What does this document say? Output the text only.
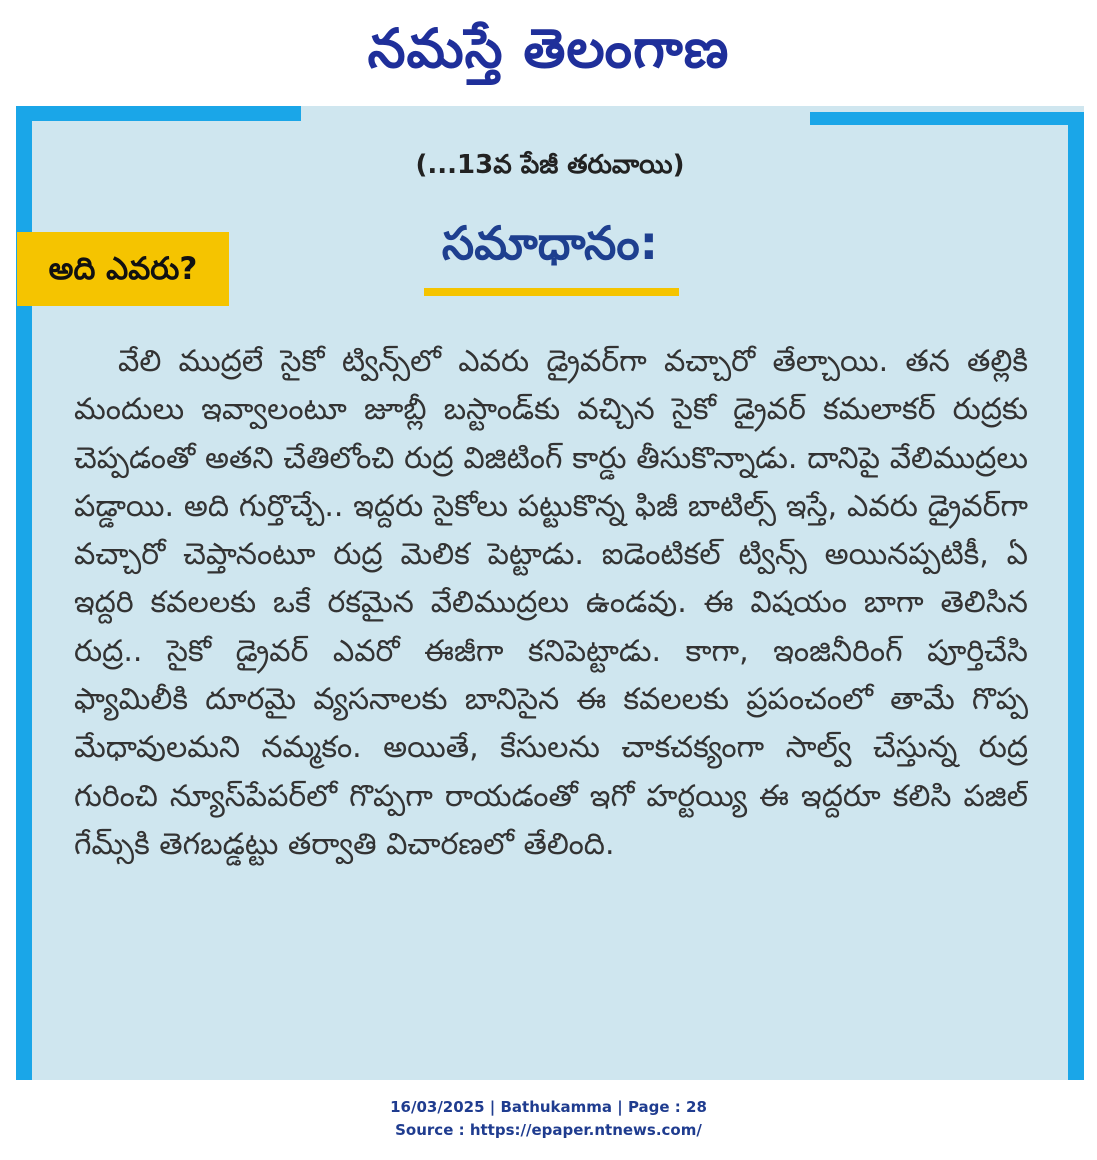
నమస్తే తెలంగాణ
(...13వ పేజీ తరువాయి)
అది ఎవరు?	సమాధానం:

వేలి ముద్రలే సైకో ట్విన్స్‌లో ఎవరు డ్రైవర్‌గా వచ్చారో తేల్చాయి. తన తల్లికి మందులు ఇవ్వాలంటూ జూబ్లీ బస్టాండ్‌కు వచ్చిన సైకో డ్రైవర్ కమలాకర్ రుద్రకు చెప్పడంతో అతని చేతిలోంచి రుద్ర విజిటింగ్ కార్డు తీసుకొన్నాడు. దానిపై వేలిముద్రలు పడ్డాయి. అది గుర్తొచ్చే.. ఇద్దరు సైకోలు పట్టుకొన్న ఫిజీ బాటిల్స్ ఇస్తే, ఎవరు డ్రైవర్‌గా వచ్చారో చెప్తానంటూ రుద్ర మెలిక పెట్టాడు. ఐడెంటికల్ ట్విన్స్ అయినప్పటికీ, ఏ ఇద్దరి కవలలకు ఒకే రకమైన వేలిముద్రలు ఉండవు. ఈ విషయం బాగా తెలిసిన రుద్ర.. సైకో డ్రైవర్ ఎవరో ఈజీగా కనిపెట్టాడు. కాగా, ఇంజినీరింగ్ పూర్తిచేసి ఫ్యామిలీకి దూరమై వ్యసనాలకు బానిసైన ఈ కవలలకు ప్రపంచంలో తామే గొప్ప మేధావులమని నమ్మకం. అయితే, కేసులను చాకచక్యంగా సాల్వ్ చేస్తున్న రుద్ర గురించి న్యూస్‌పేపర్‌లో గొప్పగా రాయడంతో ఇగో హర్టయ్యి ఈ ఇద్దరూ కలిసి పజిల్ గేమ్స్‌కి తెగబడ్డట్టు తర్వాతి విచారణలో తేలింది.

16/03/2025 | Bathukamma | Page : 28
Source : https://epaper.ntnews.com/
